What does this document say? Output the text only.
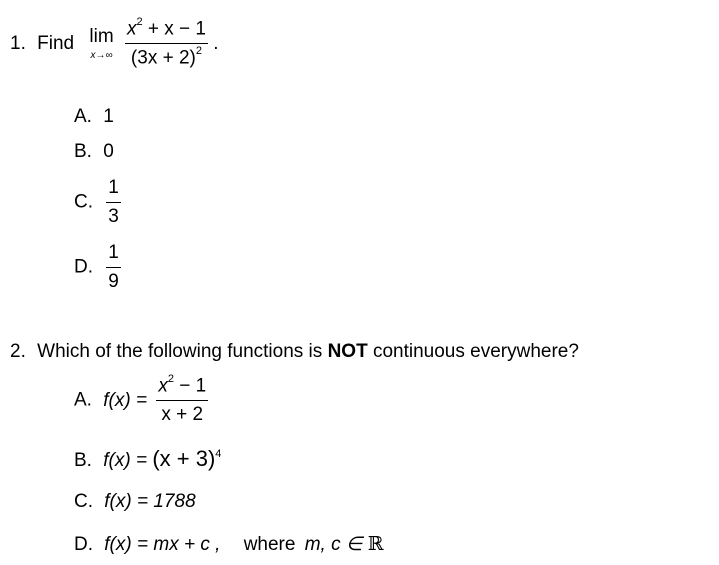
1. Find lim
x→∞
$\frac{x^2 + x - 1}{(3x + 2)^2}$ .
A. 1
B. 0
C. $\frac{1}{3}$
D. $\frac{1}{9}$
2. Which of the following functions is NOT continuous everywhere?
A. $f(x) = \frac{x^2 - 1}{x + 2}$
B. $f(x) = (x + 3)^4$
C. f(x) = 1788
D. f(x) = mx + c , where m, c ∈ ℝ
